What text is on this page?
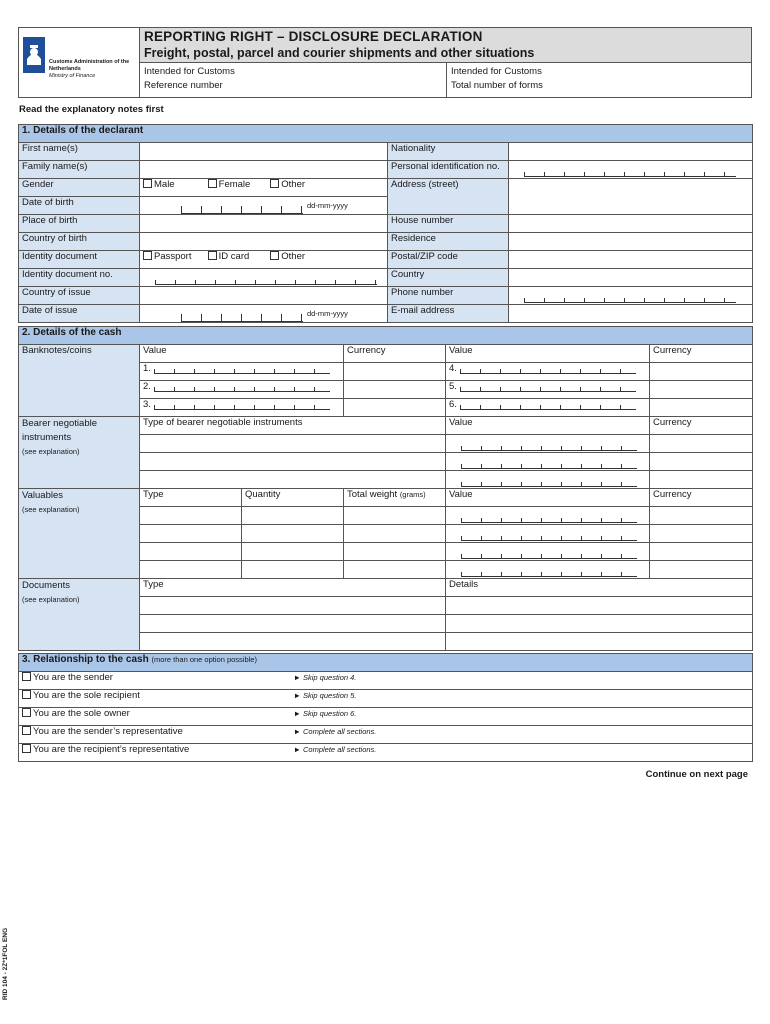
Customs Administration of the
Netherlands
Ministry of Finance
REPORTING RIGHT – DISCLOSURE DECLARATION
Freight, postal, parcel and courier shipments and other situations
Intended for Customs
Reference number
Intended for Customs
Total number of forms
Read the explanatory notes first
1. Details of the declarant			
First name(s)		Nationality	
Family name(s)		Personal identification no.	

Gender	Male Female Other	Address (street)	
Date of birth	dd-mm-yyyy		

Place of birth		House number	
Country of birth		Residence	
Identity document	Passport ID card Other	Postal/ZIP code	
Identity document no.		Country	
Country of issue		Phone number	

Date of issue	dd-mm-yyyy	E-mail address	
2. Details of the cash					
Banknotes/coins	Value		Currency	Value	Currency
	1.			4.	
	2.			5.	
	3.			6.	

Bearer negotiable
instruments
(see explanation)	Type of bearer negotiable instruments			Value	Currency

Valuables
(see explanation)	Type	Quantity	Total weight (grams)	Value	Currency

Documents
(see explanation)	Type			Details	

3. Relationship to the cash (more than one option possible)	
You are the sender	► Skip question 4.
You are the sole recipient	► Skip question 5.
You are the sole owner	► Skip question 6.
You are the sender’s representative	► Complete all sections.
You are the recipient’s representative	► Complete all sections.
Continue on next page
RID 104 - 2Z*1FOL ENG
